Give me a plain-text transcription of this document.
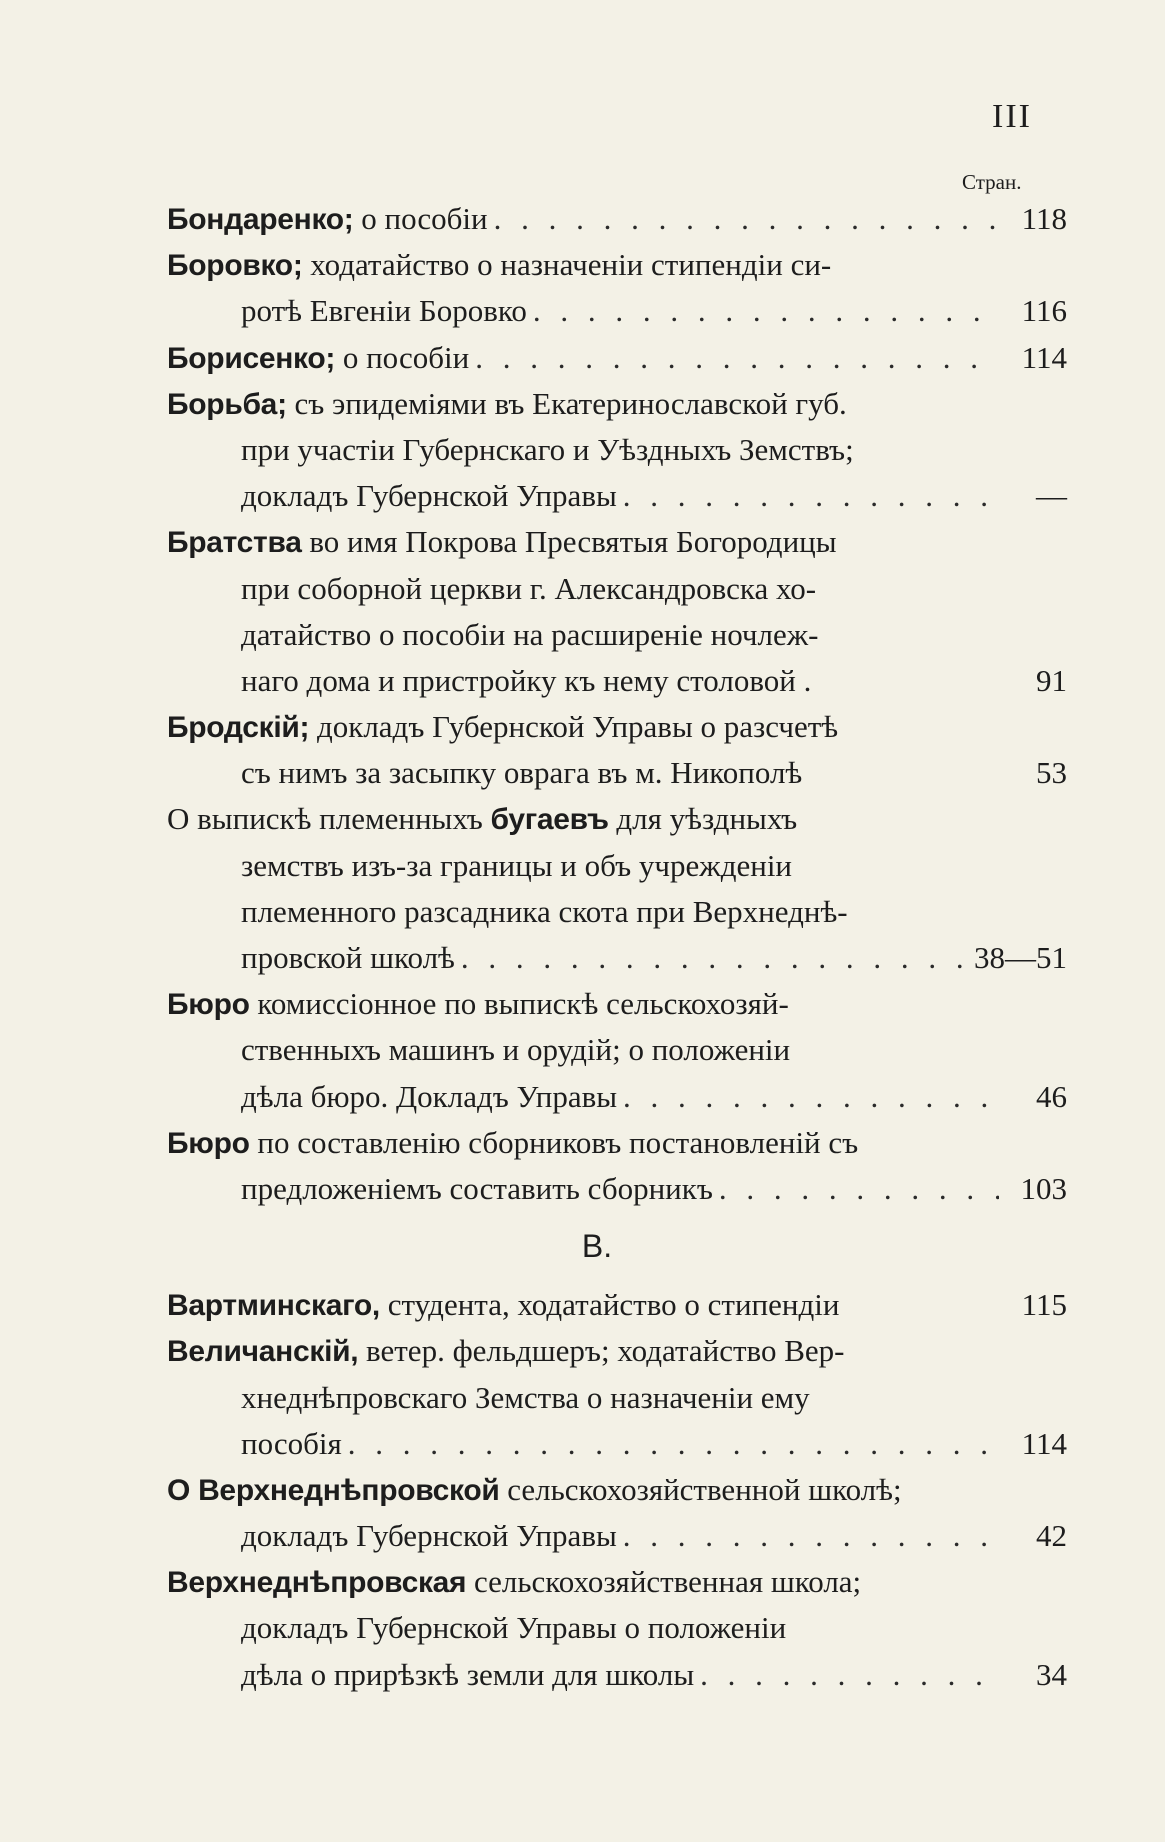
III
Стран.
Бондаренко; о пособіи . . .	118
Боровко; ходатайство о назначеніи стипендіи си-
ротѣ Евгеніи Боровко . . .	116
Борисенко; о пособіи . . .	114
Борьба; съ эпидеміями въ Екатеринославской губ.
при участіи Губернскаго и Уѣздныхъ Земствъ;
докладъ Губернской Управы . . .	—
Братства во имя Покрова Пресвятыя Богородицы
при соборной церкви г. Александровска хо-
датайство о пособіи на расширеніе ночлеж-
наго дома и пристройку къ нему столовой .	91
Бродскій; докладъ Губернской Управы о разсчетѣ
съ нимъ за засыпку оврага въ м. Никополѣ	53
О выпискѣ племенныхъ бугаевъ для уѣздныхъ
земствъ изъ-за границы и объ учрежденіи
племенного разсадника скота при Верхнеднѣ-
провской школѣ . . .	38—51
Бюро комиссіонное по выпискѣ сельскохозяй-
ственныхъ машинъ и орудій; о положеніи
дѣла бюро. Докладъ Управы . . .	46
Бюро по составленію сборниковъ постановленій съ
предложеніемъ составить сборникъ . . .	103
В.
Вартминскаго, студента, ходатайство о стипендіи	115
Величанскій, ветер. фельдшеръ; ходатайство Вер-
хнеднѣпровскаго Земства о назначеніи ему
пособія . . .	114
О Верхнеднѣпровской сельскохозяйственной школѣ;
докладъ Губернской Управы . . .	42
Верхнеднѣпровская сельскохозяйственная школа;
докладъ Губернской Управы о положеніи
дѣла о прирѣзкѣ земли для школы . . .	34
